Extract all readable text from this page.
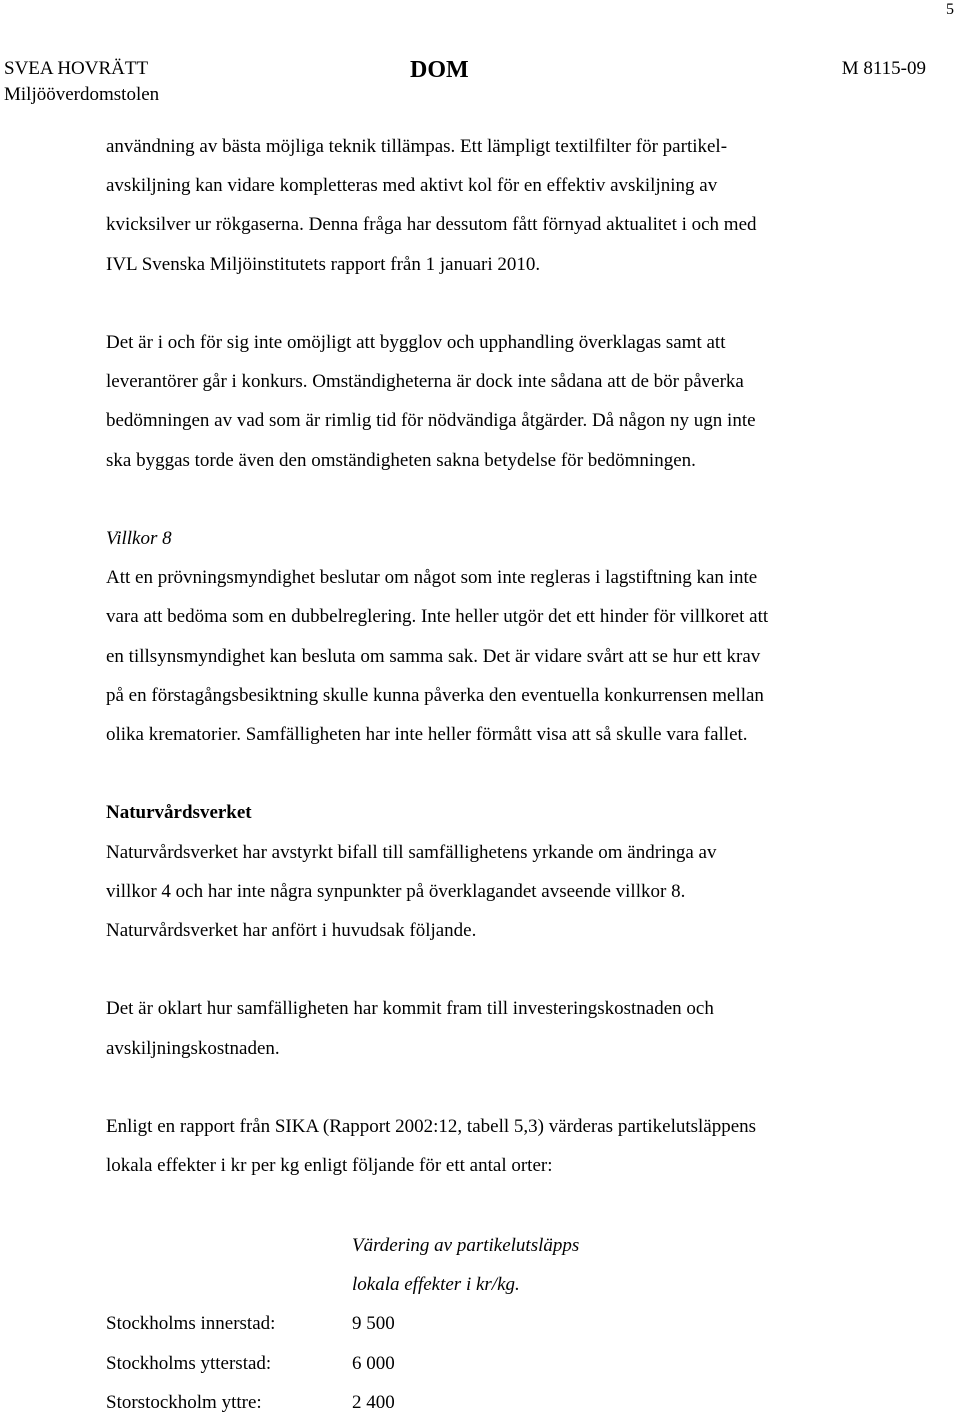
5
SVEA HOVRÄTT
Miljööverdomstolen
DOM	M 8115-09

användning av bästa möjliga teknik tillämpas. Ett lämpligt textilfilter för partikel-
avskiljning kan vidare kompletteras med aktivt kol för en effektiv avskiljning av
kvicksilver ur rökgaserna. Denna fråga har dessutom fått förnyad aktualitet i och med
IVL Svenska Miljöinstitutets rapport från 1 januari 2010.

Det är i och för sig inte omöjligt att bygglov och upphandling överklagas samt att
leverantörer går i konkurs. Omständigheterna är dock inte sådana att de bör påverka
bedömningen av vad som är rimlig tid för nödvändiga åtgärder. Då någon ny ugn inte
ska byggas torde även den omständigheten sakna betydelse för bedömningen.

Villkor 8
Att en prövningsmyndighet beslutar om något som inte regleras i lagstiftning kan inte
vara att bedöma som en dubbelreglering. Inte heller utgör det ett hinder för villkoret att
en tillsynsmyndighet kan besluta om samma sak. Det är vidare svårt att se hur ett krav
på en förstagångsbesiktning skulle kunna påverka den eventuella konkurrensen mellan
olika krematorier. Samfälligheten har inte heller förmått visa att så skulle vara fallet.

Naturvårdsverket
Naturvårdsverket har avstyrkt bifall till samfällighetens yrkande om ändringa av
villkor 4 och har inte några synpunkter på överklagandet avseende villkor 8.
Naturvårdsverket har anfört i huvudsak följande.

Det är oklart hur samfälligheten har kommit fram till investeringskostnaden och
avskiljningskostnaden.

Enligt en rapport från SIKA (Rapport 2002:12, tabell 5,3) värderas partikelutsläppens
lokala effekter i kr per kg enligt följande för ett antal orter:

Värdering av partikelutsläpps
lokala effekter i kr/kg.
Stockholms innerstad:	9 500
Stockholms ytterstad:	6 000
Storstockholm yttre:	2 400
